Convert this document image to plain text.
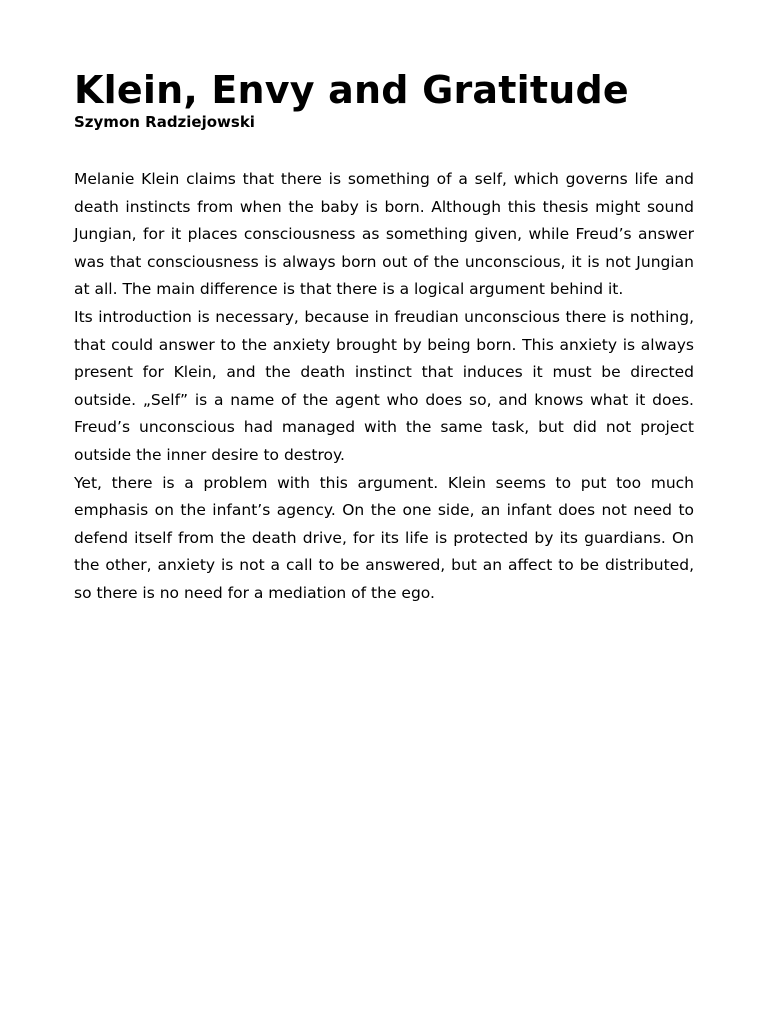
Klein, Envy and Gratitude
Szymon Radziejowski

Melanie Klein claims that there is something of a self, which governs life and death instincts from when the baby is born. Although this thesis might sound Jungian, for it places consciousness as something given, while Freud’s answer was that consciousness is always born out of the unconscious, it is not Jungian at all. The main difference is that there is a logical argument behind it.

Its introduction is necessary, because in freudian unconscious there is nothing, that could answer to the anxiety brought by being born. This anxiety is always present for Klein, and the death instinct that induces it must be directed outside. „Self” is a name of the agent who does so, and knows what it does. Freud’s unconscious had managed with the same task, but did not project outside the inner desire to destroy.

Yet, there is a problem with this argument. Klein seems to put too much emphasis on the infant’s agency. On the one side, an infant does not need to defend itself from the death drive, for its life is protected by its guardians. On the other, anxiety is not a call to be answered, but an affect to be distributed, so there is no need for a mediation of the ego.
